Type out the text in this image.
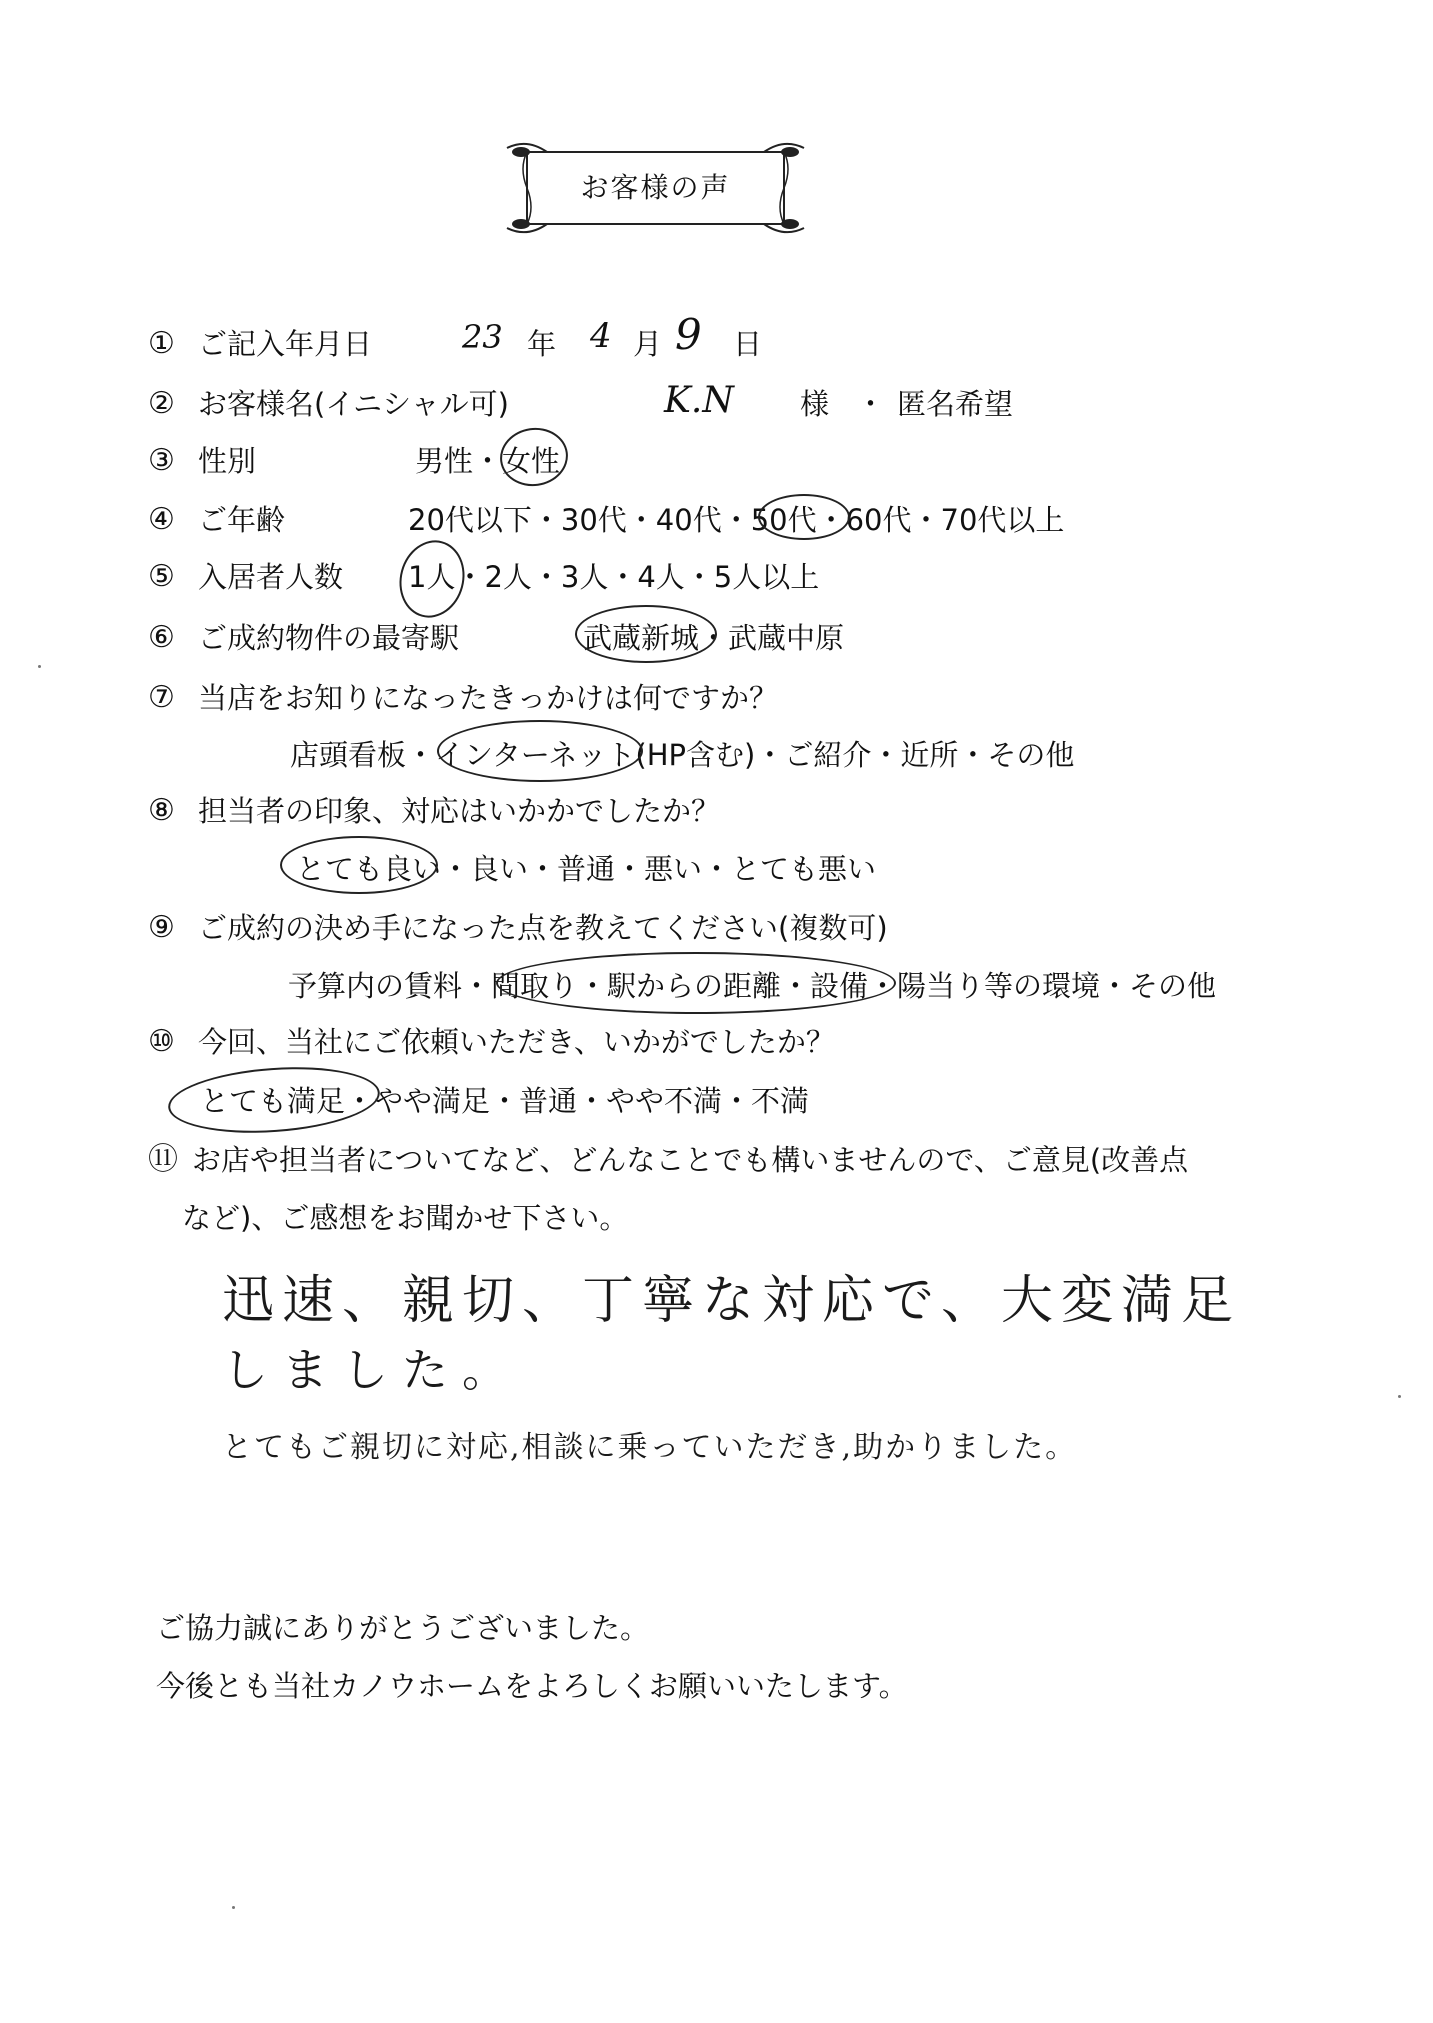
お客様の声
① ご記入年月日	23 年 4 月 9 日
② お客様名(イニシャル可)	K.N 様 ・ 匿名希望
③ 性別	男性・女性
④ ご年齢	20代以下・30代・40代・50代・60代・70代以上
⑤ 入居者人数 1人・2人・3人・4人・5人以上
⑥ ご成約物件の最寄駅	武蔵新城・武蔵中原
⑦ 当店をお知りになったきっかけは何ですか？
店頭看板・インターネット(HP含む)・ご紹介・近所・その他
⑧ 担当者の印象、対応はいかかでしたか？
とても良い・良い・普通・悪い・とても悪い
⑨ ご成約の決め手になった点を教えてください(複数可)
予算内の賃料・間取り・駅からの距離・設備・陽当り等の環境・その他
⑩ 今回、当社にご依頼いただき、いかがでしたか？
とても満足・やや満足・普通・やや不満・不満
⑪ お店や担当者についてなど、どんなことでも構いませんので、ご意見(改善点
など)、ご感想をお聞かせ下さい。
迅速、親切、丁寧な対応で、大変満足
しました。
とてもご親切に対応,相談に乗っていただき,助かりました。
ご協力誠にありがとうございました。
今後とも当社カノウホームをよろしくお願いいたします。
